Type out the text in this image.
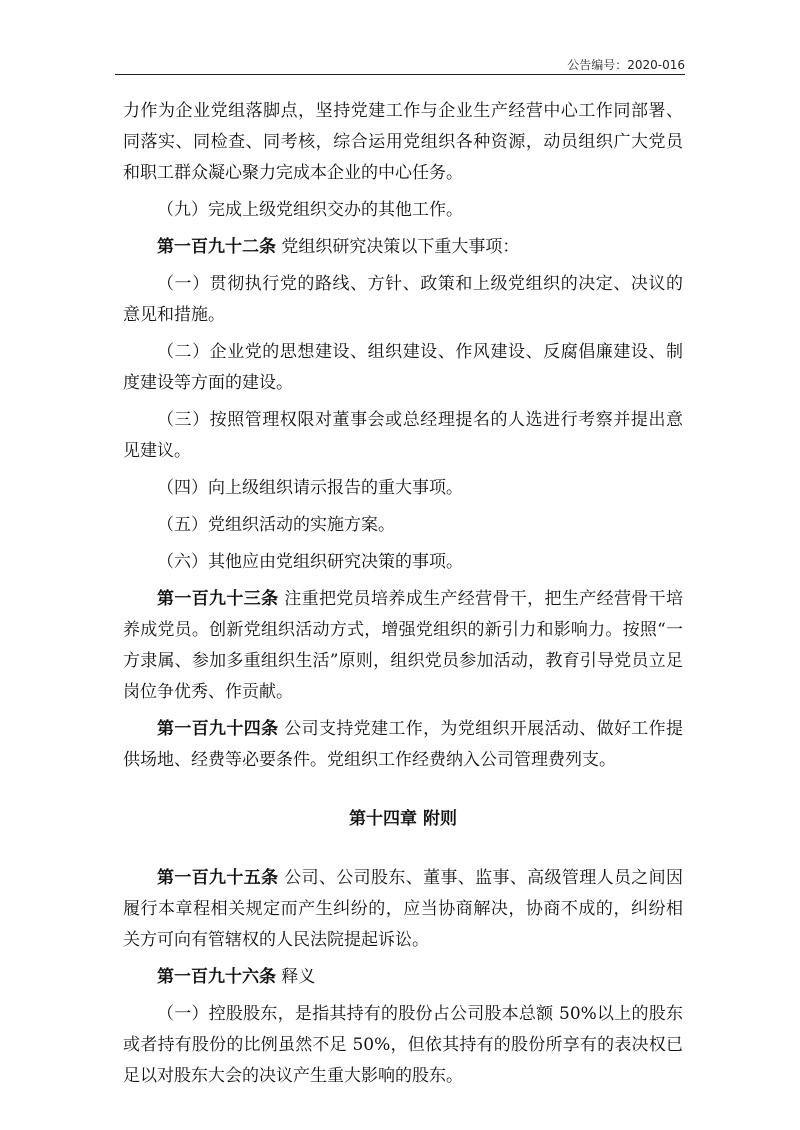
公告编号：2020-016

力作为企业党组落脚点，坚持党建工作与企业生产经营中心工作同部署、同落实、同检查、同考核，综合运用党组织各种资源，动员组织广大党员和职工群众凝心聚力完成本企业的中心任务。

（九）完成上级党组织交办的其他工作。

第一百九十二条 党组织研究决策以下重大事项：

（一）贯彻执行党的路线、方针、政策和上级党组织的决定、决议的意见和措施。

（二）企业党的思想建设、组织建设、作风建设、反腐倡廉建设、制度建设等方面的建设。

（三）按照管理权限对董事会或总经理提名的人选进行考察并提出意见建议。

（四）向上级组织请示报告的重大事项。

（五）党组织活动的实施方案。

（六）其他应由党组织研究决策的事项。

第一百九十三条 注重把党员培养成生产经营骨干，把生产经营骨干培养成党员。创新党组织活动方式，增强党组织的新引力和影响力。按照“一方隶属、参加多重组织生活”原则，组织党员参加活动，教育引导党员立足岗位争优秀、作贡献。

第一百九十四条 公司支持党建工作，为党组织开展活动、做好工作提供场地、经费等必要条件。党组织工作经费纳入公司管理费列支。

第十四章 附则

第一百九十五条 公司、公司股东、董事、监事、高级管理人员之间因履行本章程相关规定而产生纠纷的，应当协商解决，协商不成的，纠纷相关方可向有管辖权的人民法院提起诉讼。

第一百九十六条 释义

（一）控股股东，是指其持有的股份占公司股本总额 50%以上的股东或者持有股份的比例虽然不足 50%，但依其持有的股份所享有的表决权已足以对股东大会的决议产生重大影响的股东。
